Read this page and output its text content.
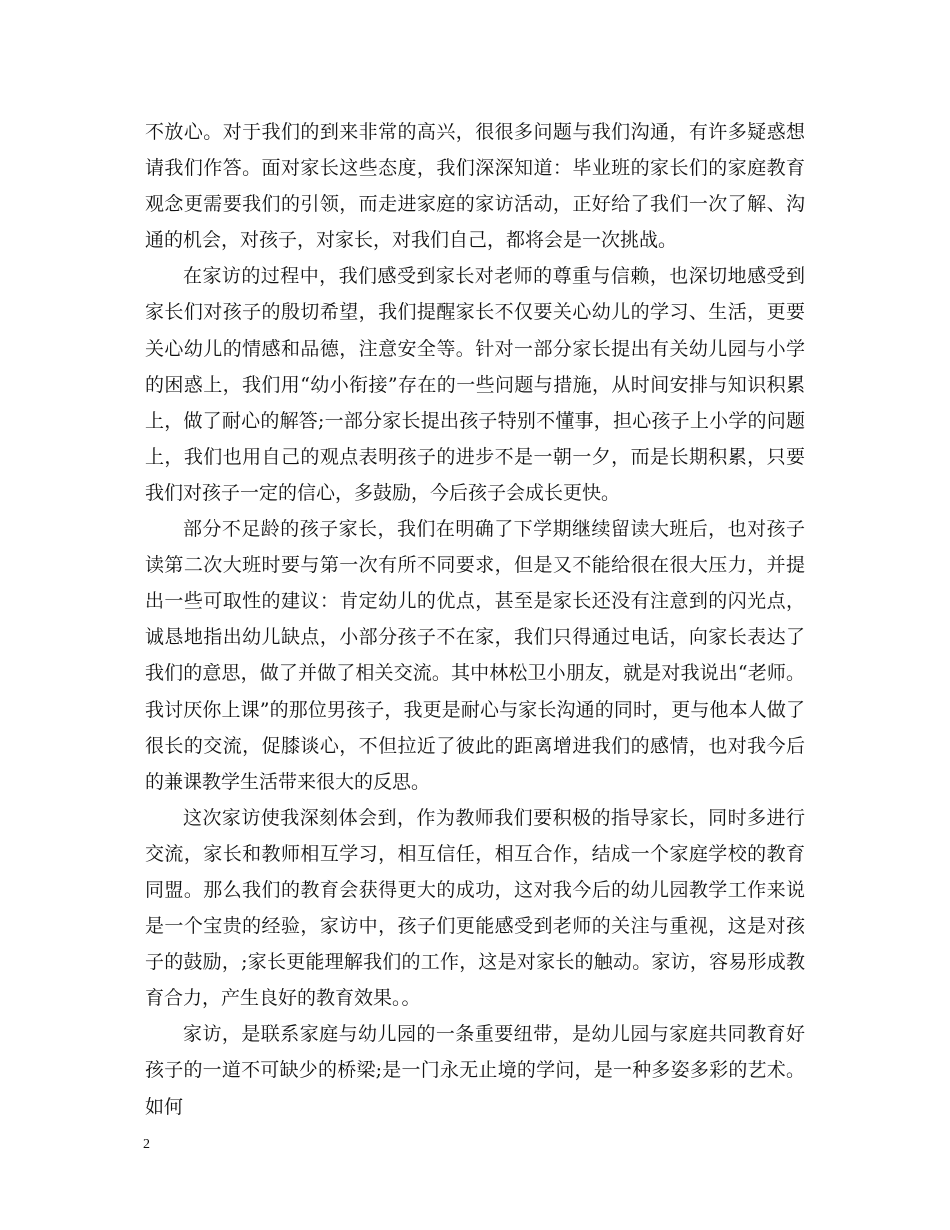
不放心。对于我们的到来非常的高兴，很很多问题与我们沟通，有许多疑惑想请我们作答。面对家长这些态度，我们深深知道：毕业班的家长们的家庭教育观念更需要我们的引领，而走进家庭的家访活动，正好给了我们一次了解、沟通的机会，对孩子，对家长，对我们自己，都将会是一次挑战。

在家访的过程中，我们感受到家长对老师的尊重与信赖，也深切地感受到家长们对孩子的殷切希望，我们提醒家长不仅要关心幼儿的学习、生活，更要关心幼儿的情感和品德，注意安全等。针对一部分家长提出有关幼儿园与小学的困惑上，我们用“幼小衔接”存在的一些问题与措施，从时间安排与知识积累上，做了耐心的解答;一部分家长提出孩子特别不懂事，担心孩子上小学的问题上，我们也用自己的观点表明孩子的进步不是一朝一夕，而是长期积累，只要我们对孩子一定的信心，多鼓励，今后孩子会成长更快。

部分不足龄的孩子家长，我们在明确了下学期继续留读大班后，也对孩子读第二次大班时要与第一次有所不同要求，但是又不能给很在很大压力，并提出一些可取性的建议：肯定幼儿的优点，甚至是家长还没有注意到的闪光点，诚恳地指出幼儿缺点，小部分孩子不在家，我们只得通过电话，向家长表达了我们的意思，做了并做了相关交流。其中林松卫小朋友，就是对我说出“老师。我讨厌你上课”的那位男孩子，我更是耐心与家长沟通的同时，更与他本人做了很长的交流，促膝谈心，不但拉近了彼此的距离增进我们的感情，也对我今后的兼课教学生活带来很大的反思。

这次家访使我深刻体会到，作为教师我们要积极的指导家长，同时多进行交流，家长和教师相互学习，相互信任，相互合作，结成一个家庭学校的教育同盟。那么我们的教育会获得更大的成功，这对我今后的幼儿园教学工作来说是一个宝贵的经验，家访中，孩子们更能感受到老师的关注与重视，这是对孩子的鼓励，;家长更能理解我们的工作，这是对家长的触动。家访，容易形成教育合力，产生良好的教育效果。。

家访，是联系家庭与幼儿园的一条重要纽带，是幼儿园与家庭共同教育好孩子的一道不可缺少的桥梁;是一门永无止境的学问，是一种多姿多彩的艺术。如何

2
